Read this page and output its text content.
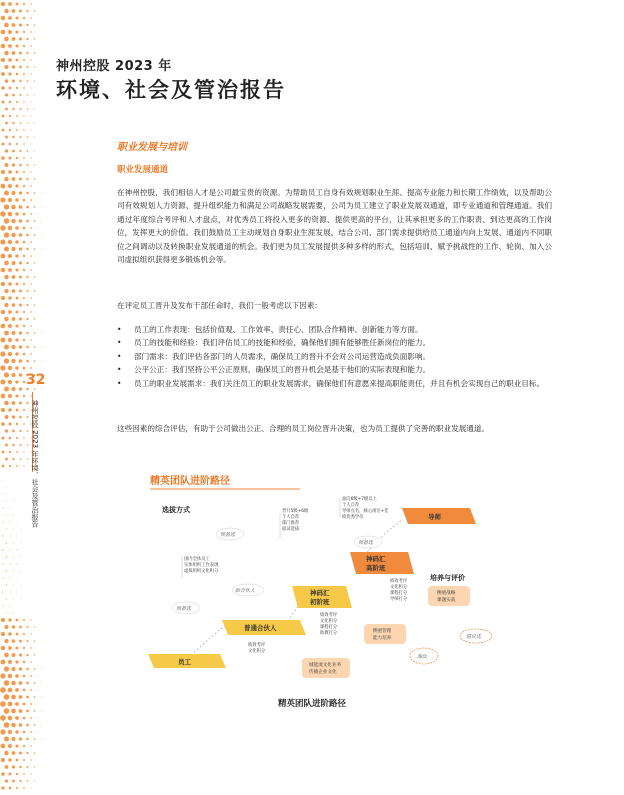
32
神州控股 2023 年环境、社会及管治报告
神州控股 2023 年
环境、社会及管治报告
职业发展与培训
职业发展通道

在神州控股，我们相信人才是公司最宝贵的资源。为帮助员工自身有效规划职业生涯、提高专业能力和长期工作绩效，以及帮助公司有效规划人力资源、提升组织能力和满足公司战略发展需要，公司为员工建立了职业发展双通道，即专业通道和管理通道。我们通过年度综合考评和人才盘点，对优秀员工将投入更多的资源、提供更高的平台，让其承担更多的工作职责、到达更高的工作岗位，发挥更大的价值。我们鼓励员工主动规划自身职业生涯发展，结合公司、部门需求提供给员工通道内向上发展、通道内不同职位之间调动以及转换职业发展通道的机会。我们更为员工发展提供多种多样的形式，包括培训、赋予挑战性的工作、轮岗、加入公司虚拟组织获得更多锻炼机会等。

在评定员工晋升及发布干部任命时，我们一般考虑以下因素：

• 员工的工作表现：包括价值观、工作效率、责任心、团队合作精神、创新能力等方面。
• 员工的技能和经验：我们评估员工的技能和经验，确保他们拥有能够胜任新岗位的能力。
• 部门需求：我们评估各部门的人员需求，确保员工的晋升不会对公司运营造成负面影响。
• 公平公正：我们坚持公平公正原则，确保员工的晋升机会是基于他们的实际表现和能力。
• 员工的职业发展需求：我们关注员工的职业发展需求，确保他们有意愿来提高职能责任，并且有机会实现自己的职业目标。

这些因素的综合评估，有助于公司做出公正、合理的员工岗位晋升决策，也为员工提供了完善的职业发展通道。

精英团队进阶路径
选拔方式
培养与评价
员工
普通合伙人
神码汇
初阶班
神码汇
高阶班
导师
预备选
新合伙人
预备选
预备选
倡议选
国内全体员工
实体组织工作表现
虚拟组织文化积分
晋升5级+6级
个人自荐
部门推荐
面试选拔
面向6级+7级以上
个人自荐
导师点名，核心岗位+佳
绩优秀学员
绩效考评
文化积分
绩效考评
文化积分
课程打分
助教打分
绩效考评
文化积分
课程打分
导师打分
城能流文化业务
传播企业文化
侧重管理
能力培养
侧重战略
课题实战
淘汰
精英团队进阶路径
